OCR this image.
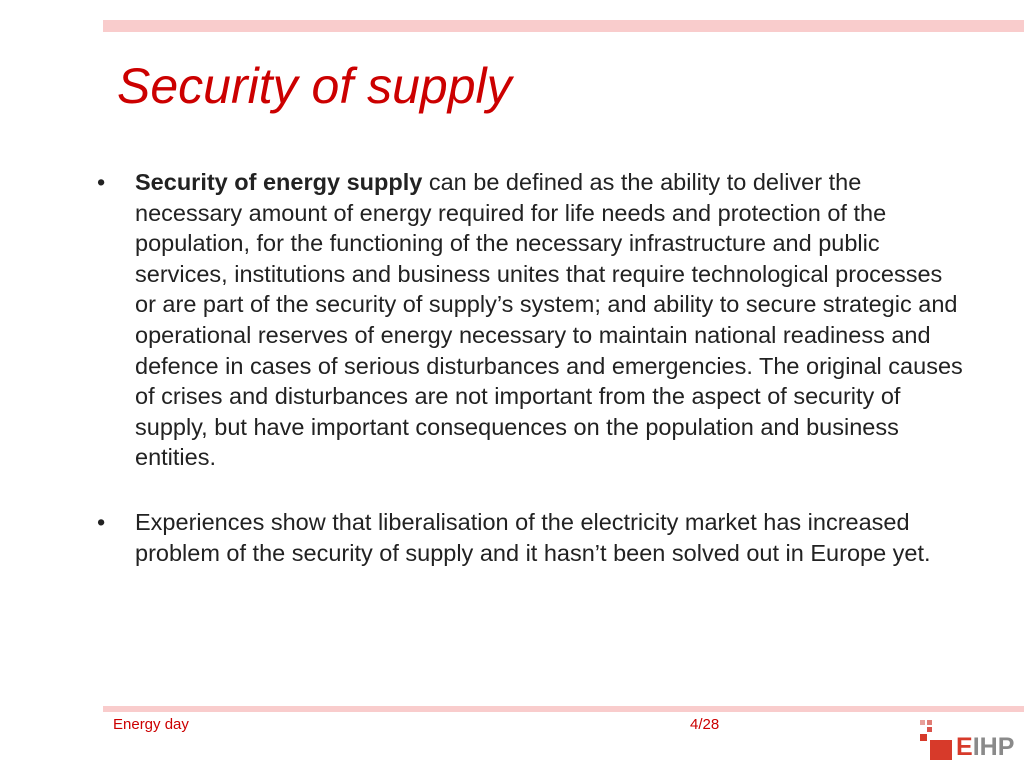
Security of supply
• Security of energy supply can be defined as the ability to deliver the necessary amount of energy required for life needs and protection of the population, for the functioning of the necessary infrastructure and public services, institutions and business unites that require technological processes or are part of the security of supply’s system; and ability to secure strategic and operational reserves of energy necessary to maintain national readiness and defence in cases of serious disturbances and emergencies. The original causes of crises and disturbances are not important from the aspect of security of supply, but have important consequences on the population and business entities.
• Experiences show that liberalisation of the electricity market has increased problem of the security of supply and it hasn’t been solved out in Europe yet.
Energy day	4/28
EIHP
